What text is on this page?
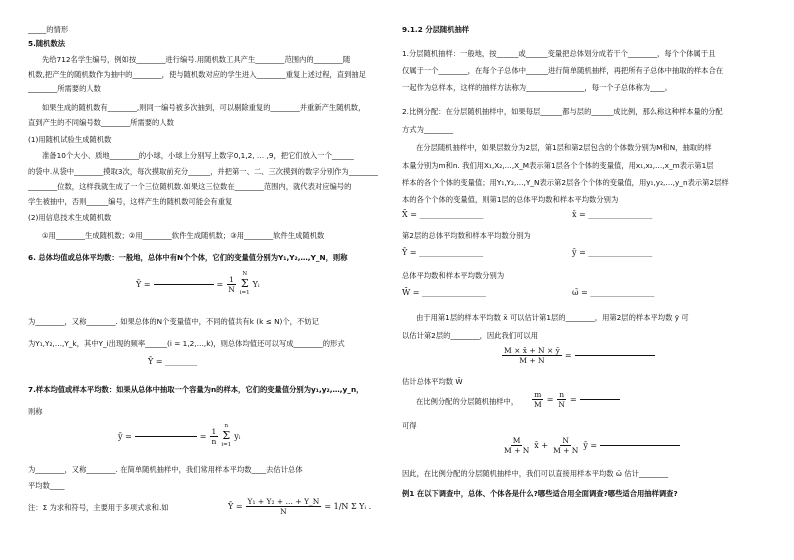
_____的情形
5.随机数法
先给712名学生编号，例如按________进行编号.用随机数工具产生________范围内的________随
机数,把产生的随机数作为抽中的________，使与随机数对应的学生进入________重复上述过程，直到抽足
________所需要的人数
如果生成的随机数有________,则同一编号被多次抽到，可以剔除重复的________并重新产生随机数，
直到产生的不同编号数________所需要的人数
(1)用随机试验生成随机数
准备10个大小、质地________的小球，小球上分别写上数字0,1,2, … ,9，把它们放入一个______
的袋中.从袋中________摸取3次，每次摸取前充分______，并把第一、二、三次摸到的数字分别作为________
________位数，这样我就生成了一个三位随机数.如果这三位数在________范围内，就代表对应编号的
学生被抽中，否则______编号，这样产生的随机数可能会有重复
(2)用信息技术生成随机数
①用________生成随机数；②用________软件生成随机数；③用________软件生成随机数
6. 总体均值或总体平均数：一般地，总体中有N个个体，它们的变量值分别为Y₁,Y₂,…,Y_N，则称
Ȳ =	= $\frac{1}{N}$
N
Σ
i=1
Yᵢ
为________，又称________. 如果总体的N个变量值中，不同的值共有k (k ≤ N)个，不妨记
为Y₁,Y₂,…,Y_k，其中Y_i出现的频率______(i = 1,2,…,k)，则总体均值还可以写成________的形式
Ȳ = ________
7.样本均值或样本平均数：如果从总体中抽取一个容量为n的样本，它们的变量值分别为y₁,y₂,…,y_n，
则称
ȳ =	= $\frac{1}{n}$
n
Σ
i=1
yᵢ
为________，又称________. 在简单随机抽样中，我们常用样本平均数____去估计总体
平均数____
注：Σ 为求和符号，主要用于多项式求和.如	Ȳ = $\frac{\text{Y₁ + Y₂ + … + Y\_N}}{N} = 1/N$ Σ Yᵢ .
9.1.2 分层随机抽样
1.分层随机抽样：一般地，按______或______变量把总体划分成若干个________，每个个体属于且
仅属于一个________，在每个子总体中______进行简单随机抽样，再把所有子总体中抽取的样本合在
一起作为总样本，这样的抽样方法称为________________，每一个子总体称为____。
2.比例分配：在分层随机抽样中，如果每层______都与层的______成比例，那么称这种样本量的分配
方式为________
在分层随机抽样中，如果层数分为2层，第1层和第2层包含的个体数分别为M和N，抽取的样
本量分别为m和n. 我们用X₁,X₂,…,X_M表示第1层各个个体的变量值，用x₁,x₂,…,x_m表示第1层
样本的各个个体的变量值；用Y₁,Y₂,…,Y_N表示第2层各个个体的变量值，用y₁,y₂,…,y_n表示第2层样
本的各个个体的变量值，则第1层的总体平均数和样本平均数分别为
X̄ = ________________	x̄ = ________________
第2层的总体平均数和样本平均数分别为
Ȳ = ________________	ȳ = ________________
总体平均数和样本平均数分别为
W̄ = ________________	ω̄ = ________________
由于用第1层的样本平均数 x̄ 可以估计第1层的________，用第2层的样本平均数 ȳ 可
以估计第2层的________，因此我们可以用
$\frac{M \times x̄ + N \times ȳ}{M + N}$ =
估计总体平均数 W̄
在比例分配的分层随机抽样中， $\frac{m}{M} = \frac{n}{N}$ =
可得
$\frac{M}{M + N}$ x̄ + $\frac{N}{M + N}$ ȳ =
因此，在比例分配的分层随机抽样中，我们可以直接用样本平均数 ω̄ 估计________
例1 在以下调查中，总体、个体各是什么?哪些适合用全面调查?哪些适合用抽样调查?
